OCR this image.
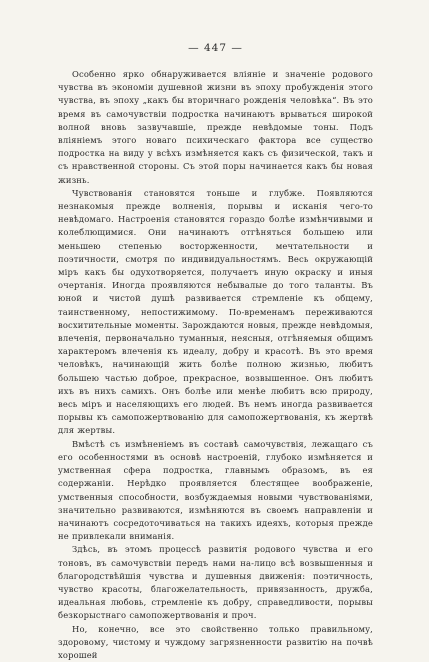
— 447 —

Особенно ярко обнаруживается вліяніе и значеніе родового чувства въ экономіи душевной жизни въ эпоху пробужденія этого чувства, въ эпоху „какъ бы вторичнаго рожденія человѣка“. Въ это время въ самочувствіи подростка начинаютъ врываться широкой волной вновь зазвучавшіе, прежде невѣдомые тоны. Подъ вліяніемъ этого новаго психическаго фактора все существо подростка на виду у всѣхъ измѣняется какъ съ физической, такъ и съ нравственной стороны. Съ этой поры начинается какъ бы новая жизнь.

Чувствованія становятся тоньше и глубже. Появляются незнакомыя прежде волненія, порывы и исканія чего-то невѣдомаго. Настроенія становятся гораздо болѣе измѣнчивыми и колеблющимися. Они начинаютъ отгѣняться большею или меньшею степенью восторженности, мечтательности и поэтичности, смотря по индивидуальностямъ. Весь окружающій міръ какъ бы одухотворяется, получаетъ иную окраску и иныя очертанія. Иногда проявляются небывалые до того таланты. Въ юной и чистой душѣ развивается стремленіе къ общему, таинственному, непостижимому. По-временамъ переживаются восхитительные моменты. Зарождаются новыя, прежде невѣдомыя, влеченія, первоначально туманныя, неясныя, отгѣняемыя общимъ характеромъ влеченія къ идеалу, добру и красотѣ. Въ это время человѣкъ, начинающій жить болѣе полною жизнью, любитъ большею частью доброе, прекрасное, возвышенное. Онъ любитъ ихъ въ нихъ самихъ. Онъ болѣе или менѣе любитъ всю природу, весь міръ и населяющихъ его людей. Въ немъ иногда развивается порывы къ самопожертвованію для самопожертвованія, къ жертвѣ для жертвы.

Вмѣстѣ съ измѣненіемъ въ составѣ самочувствія, лежащаго съ его особенностями въ основѣ настроеній, глубоко измѣняется и умственная сфера подростка, главнымъ образомъ, въ ея содержаніи. Нерѣдко проявляется блестящее воображеніе, умственныя способности, возбуждаемыя новыми чувствованіями, значительно развиваются, измѣняются въ своемъ направленіи и начинаютъ сосредоточиваться на такихъ идеяхъ, которыя прежде не привлекали вниманія.

Здѣсь, въ этомъ процессѣ развитія родового чувства и его тоновъ, въ самочувствіи передъ нами на-лицо всѣ возвышенныя и благородствѣйшія чувства и душевныя движенія: поэтичность, чувство красоты, благожелательность, привязанность, дружба, идеальная любовь, стремленіе къ добру, справедливости, порывы безкорыстнаго самопожертвованія и проч.

Но, конечно, все это свойственно только правильному, здоровому, чистому и чуждому загрязненности развитію на почвѣ хорошей
